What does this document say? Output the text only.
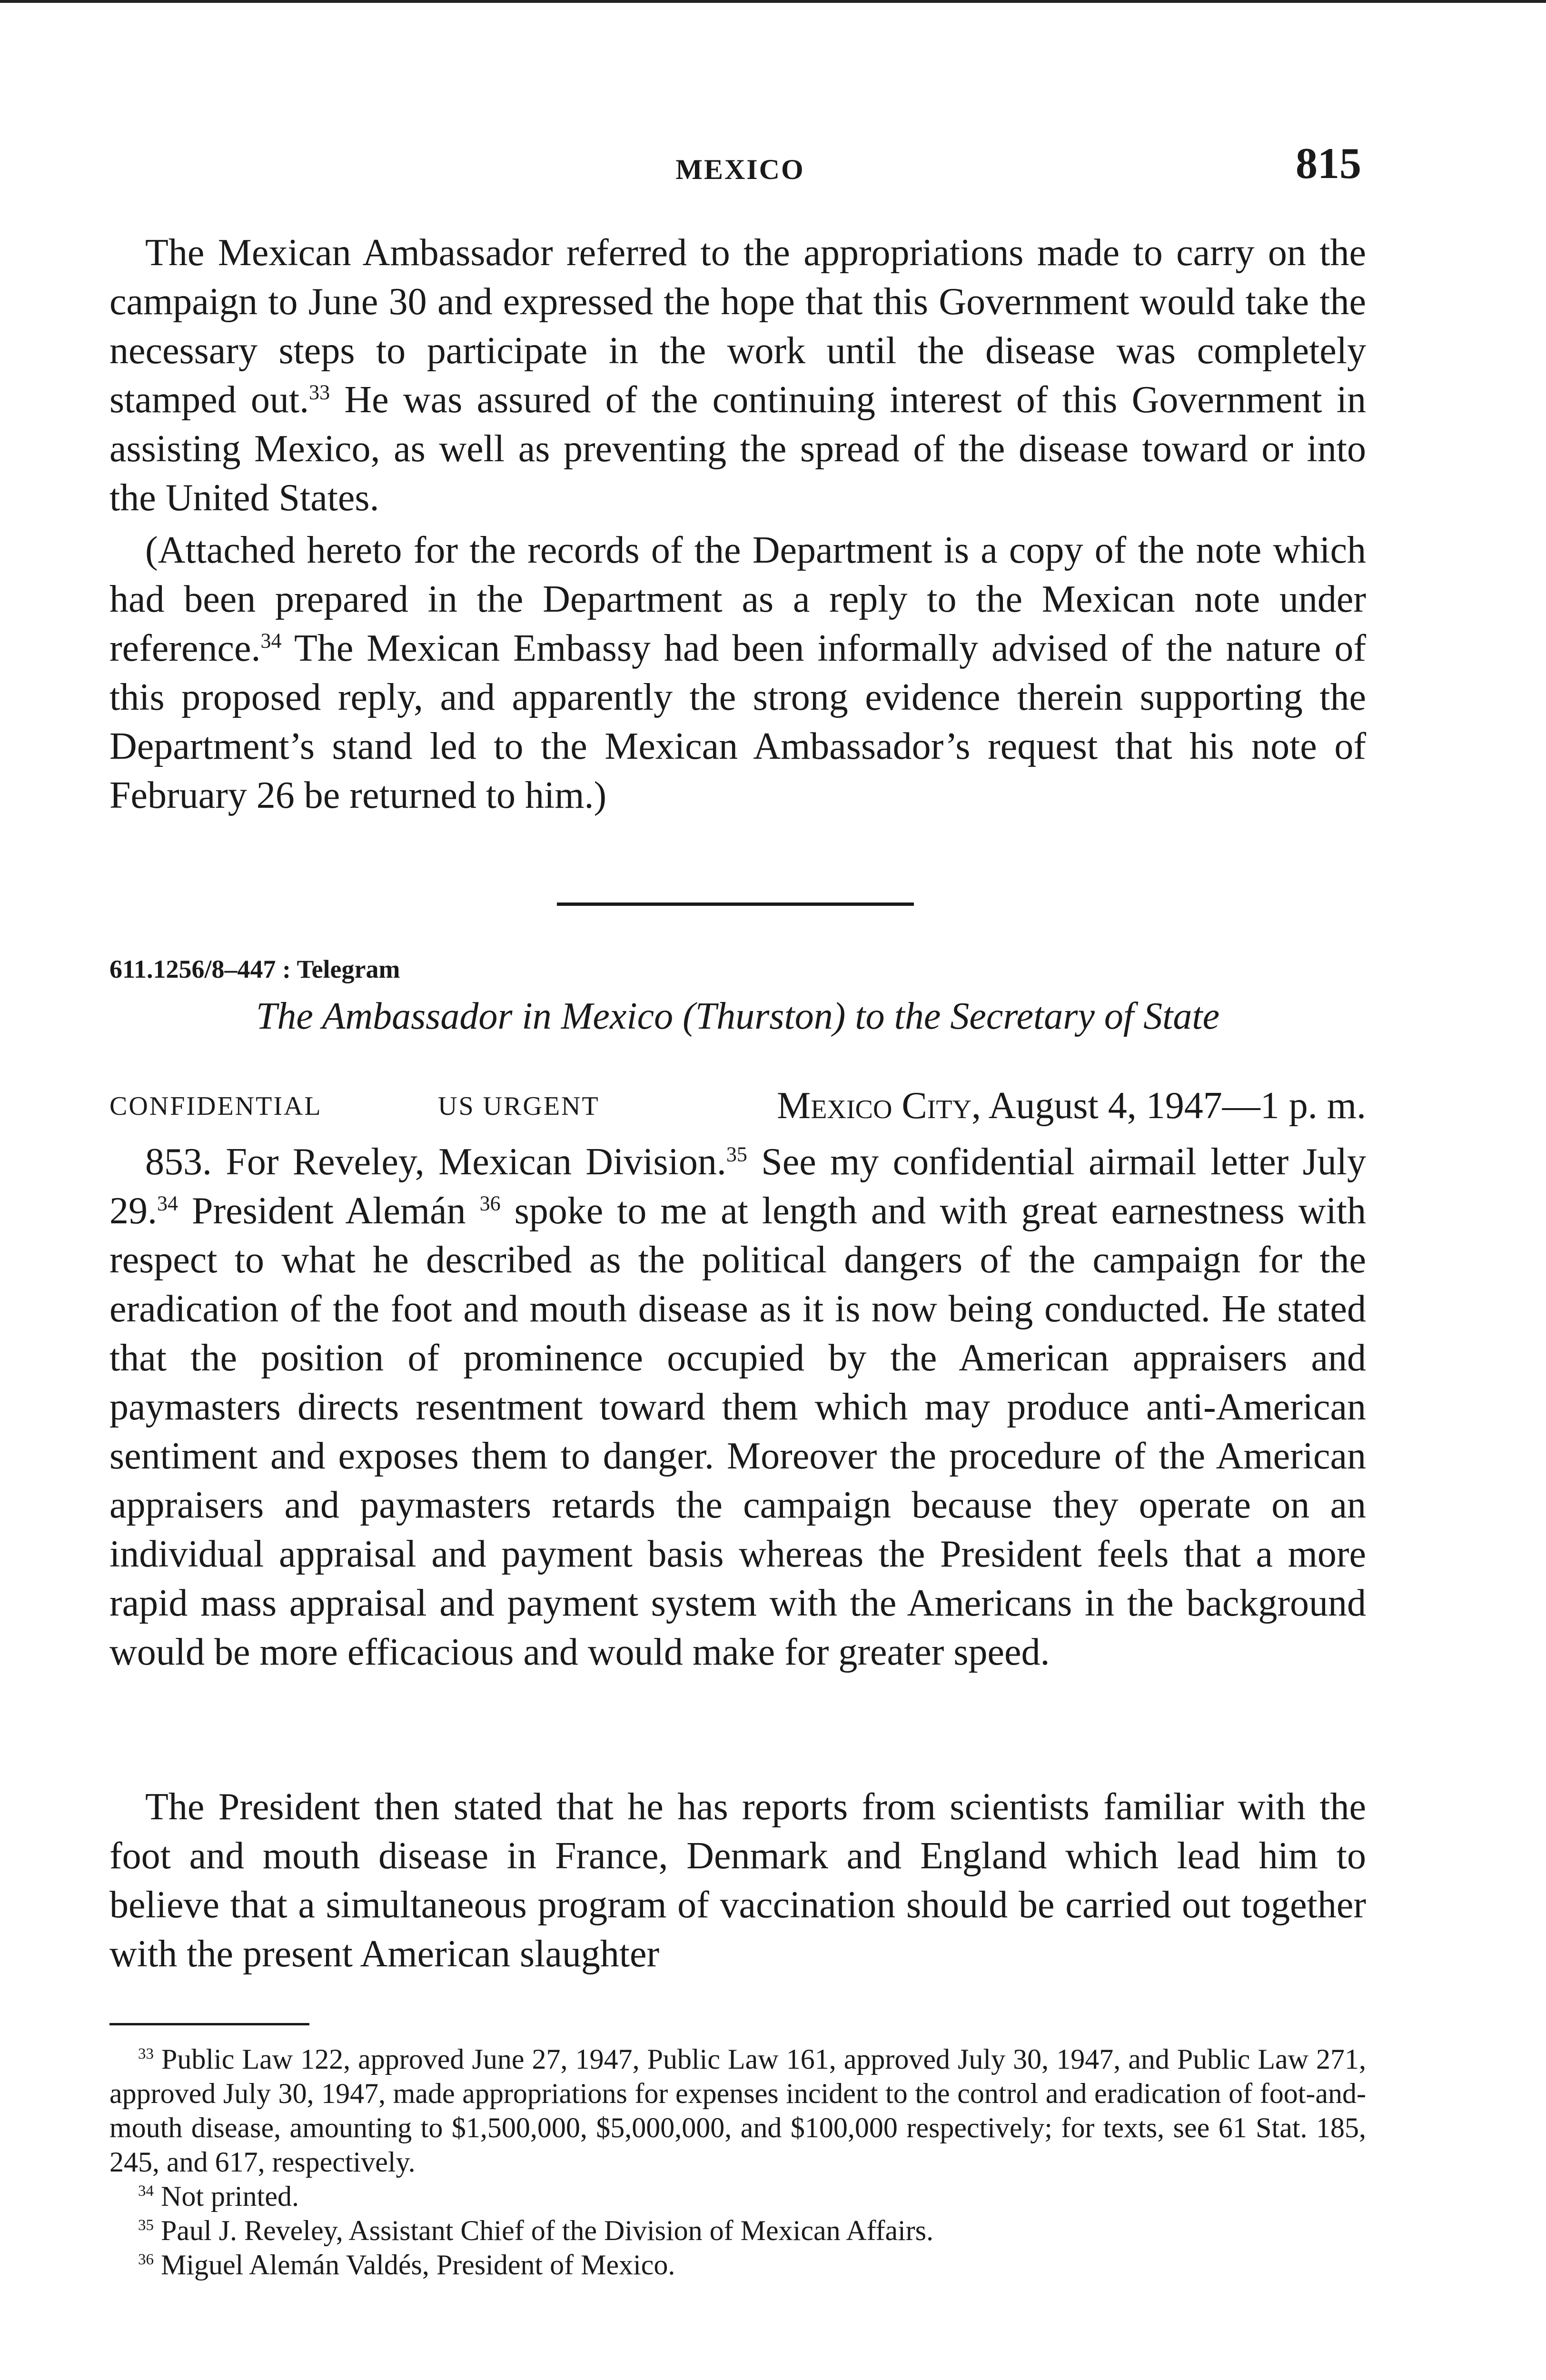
MEXICO	815

The Mexican Ambassador referred to the appropriations made to carry on the campaign to June 30 and expressed the hope that this Government would take the necessary steps to participate in the work until the disease was completely stamped out.$^{33}$ He was assured of the continuing interest of this Government in assisting Mexico, as well as preventing the spread of the disease toward or into the United States.

(Attached hereto for the records of the Department is a copy of the note which had been prepared in the Department as a reply to the Mexican note under reference.$^{34}$ The Mexican Embassy had been informally advised of the nature of this proposed reply, and apparently the strong evidence therein supporting the Department’s stand led to the Mexican Ambassador’s request that his note of February 26 be returned to him.)

611.1256/8–447 : Telegram
The Ambassador in Mexico (Thurston) to the Secretary of State
CONFIDENTIAL	US URGENT	Mexico City, August 4, 1947—1 p. m.

853. For Reveley, Mexican Division.$^{35}$ See my confidential airmail letter July 29.34 President Alemán $^{36}$ spoke to me at length and with great earnestness with respect to what he described as the political dangers of the campaign for the eradication of the foot and mouth disease as it is now being conducted. He stated that the position of prominence occupied by the American appraisers and paymasters directs resentment toward them which may produce anti-American sentiment and exposes them to danger. Moreover the procedure of the American appraisers and paymasters retards the campaign because they operate on an individual appraisal and payment basis whereas the President feels that a more rapid mass appraisal and payment system with the Americans in the background would be more efficacious and would make for greater speed.

The President then stated that he has reports from scientists familiar with the foot and mouth disease in France, Denmark and England which lead him to believe that a simultaneous program of vaccination should be carried out together with the present American slaughter

$^{33}$ Public Law 122, approved June 27, 1947, Public Law 161, approved July 30, 1947, and Public Law 271, approved July 30, 1947, made appropriations for expenses incident to the control and eradication of foot-and-mouth disease, amounting to $1,500,000, $5,000,000, and $100,000 respectively; for texts, see 61 Stat. 185, 245, and 617, respectively.

$^{34}$ Not printed.

$^{35}$ Paul J. Reveley, Assistant Chief of the Division of Mexican Affairs.

$^{36}$ Miguel Alemán Valdés, President of Mexico.
